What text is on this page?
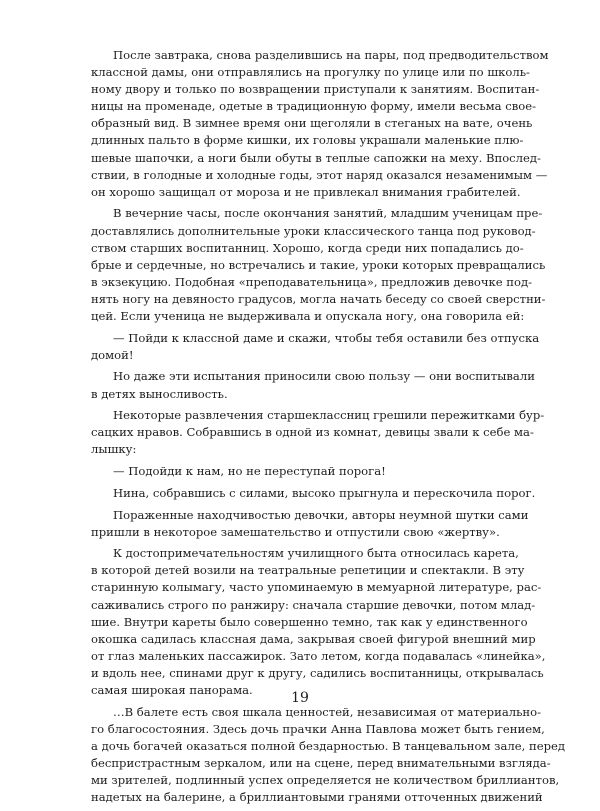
После завтрака, снова разделившись на пары, под предводительством
классной дамы, они отправлялись на прогулку по улице или по школь-
ному двору и только по возвращении приступали к занятиям. Воспитан-
ницы на променаде, одетые в традиционную форму, имели весьма свое-
образный вид. В зимнее время они щеголяли в стеганых на вате, очень
длинных пальто в форме кишки, их головы украшали маленькие плю-
шевые шапочки, а ноги были обуты в теплые сапожки на меху. Впослед-
ствии, в голодные и холодные годы, этот наряд оказался незаменимым —
он хорошо защищал от мороза и не привлекал внимания грабителей.
В вечерние часы, после окончания занятий, младшим ученицам пре-
доставлялись дополнительные уроки классического танца под руковод-
ством старших воспитанниц. Хорошо, когда среди них попадались до-
брые и сердечные, но встречались и такие, уроки которых превращались
в экзекуцию. Подобная «преподавательница», предложив девочке под-
нять ногу на девяносто градусов, могла начать беседу со своей сверстни-
цей. Если ученица не выдерживала и опускала ногу, она говорила ей:
— Пойди к классной даме и скажи, чтобы тебя оставили без отпуска
домой!
Но даже эти испытания приносили свою пользу — они воспитывали
в детях выносливость.
Некоторые развлечения старшеклассниц грешили пережитками бур-
сацких нравов. Собравшись в одной из комнат, девицы звали к себе ма-
лышку:
— Подойди к нам, но не переступай порога!
Нина, собравшись с силами, высоко прыгнула и перескочила порог.
Пораженные находчивостью девочки, авторы неумной шутки сами
пришли в некоторое замешательство и отпустили свою «жертву».
К достопримечательностям училищного быта относилась карета,
в которой детей возили на театральные репетиции и спектакли. В эту
старинную колымагу, часто упоминаемую в мемуарной литературе, рас-
саживались строго по ранжиру: сначала старшие девочки, потом млад-
шие. Внутри кареты было совершенно темно, так как у единственного
окошка садилась классная дама, закрывая своей фигурой внешний мир
от глаз маленьких пассажирок. Зато летом, когда подавалась «линейка»,
и вдоль нее, спинами друг к другу, садились воспитанницы, открывалась
самая широкая панорама.
…В балете есть своя шкала ценностей, независимая от материально-
го благосостояния. Здесь дочь прачки Анна Павлова может быть гением,
а дочь богачей оказаться полной бездарностью. В танцевальном зале, перед
беспристрастным зеркалом, или на сцене, перед внимательными взгляда-
ми зрителей, подлинный успех определяется не количеством бриллиантов,
надетых на балерине, а бриллиантовыми гранями отточенных движений
19
